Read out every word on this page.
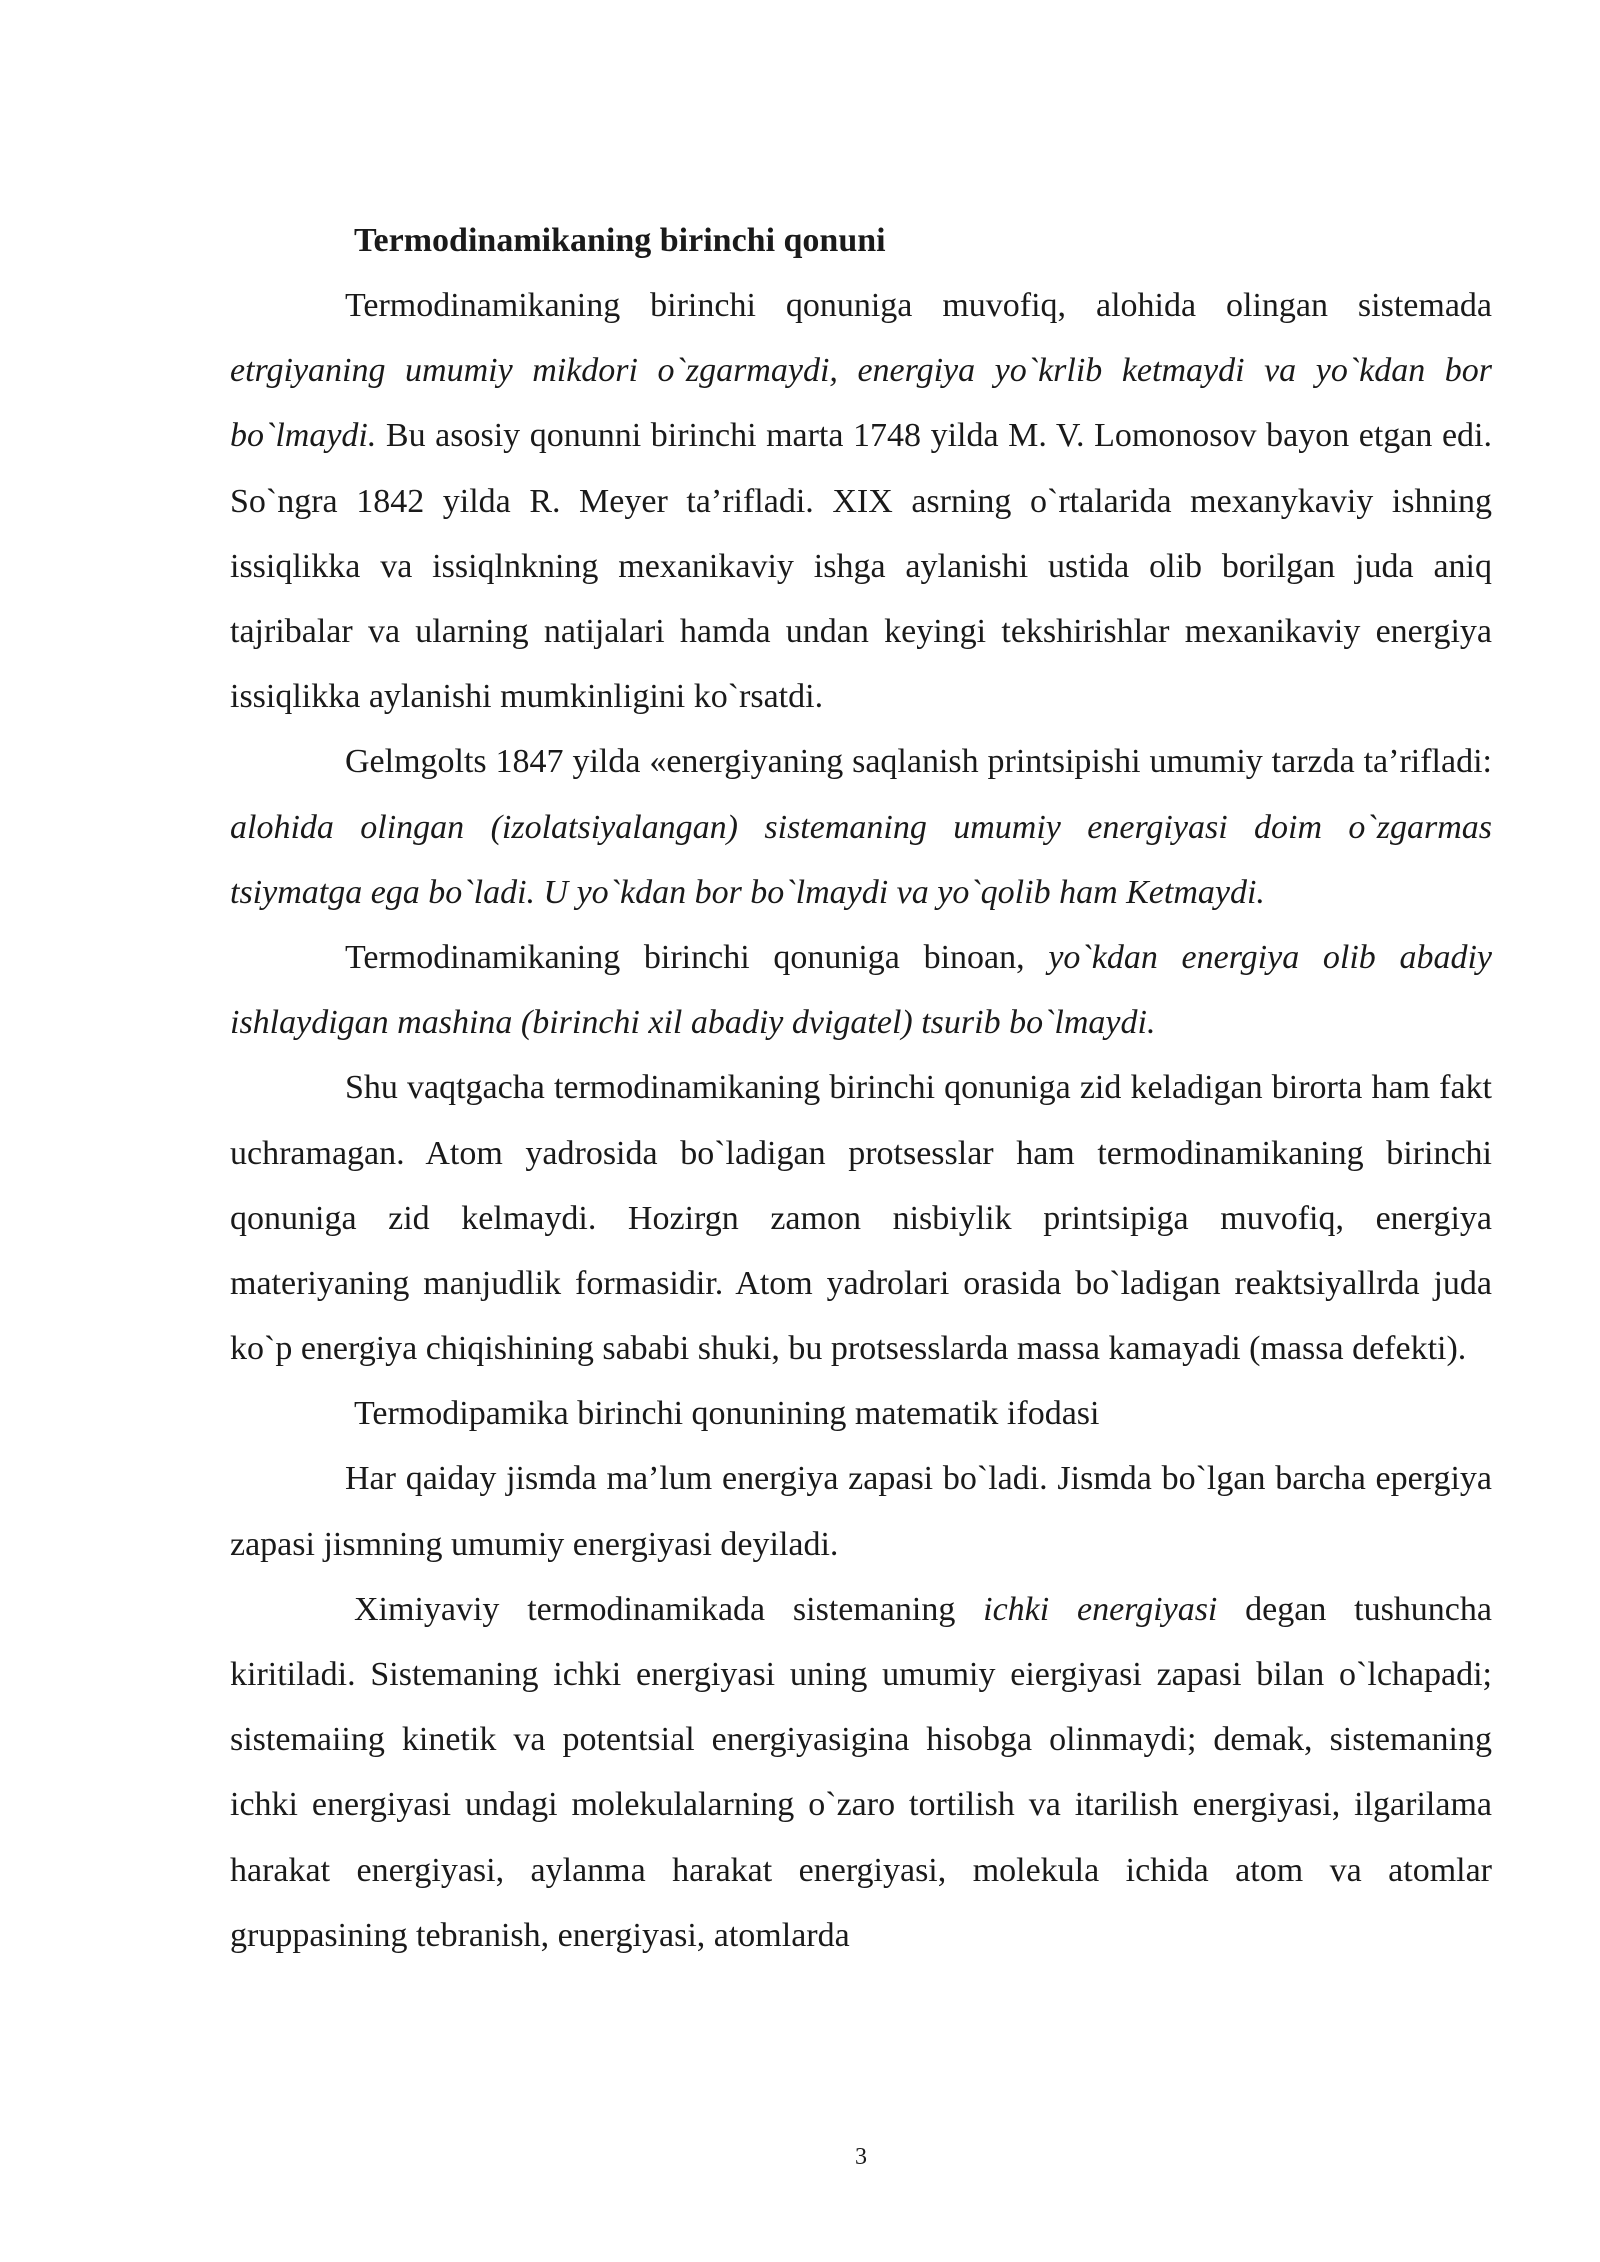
Termodinamikaning birinchi qonuni

Termodinamikaning birinchi qonuniga muvofiq, alohida olingan sistemada etrgiyaning umumiy mikdori o`zgarmaydi, energiya yo`krlib ketmaydi va yo`kdan bor bo`lmaydi. Bu asosiy qonunni birinchi marta 1748 yilda M. V. Lomonosov bayon etgan edi. So`ngra 1842 yilda R. Meyer ta’rifladi. XIX asrning o`rtalarida mexanykaviy ishning issiqlikka va issiqlnkning mexanikaviy ishga aylanishi ustida olib borilgan juda aniq tajribalar va ularning natijalari hamda undan keyingi tekshirishlar mexanikaviy energiya issiqlikka aylanishi mumkinligini ko`rsatdi.

Gelmgolts 1847 yilda «energiyaning saqlanish printsipishi umumiy tarzda ta’rifladi: alohida olingan (izolatsiyalangan) sistemaning umumiy energiyasi doim o`zgarmas tsiymatga ega bo`ladi. U yo`kdan bor bo`lmaydi va yo`qolib ham Ketmaydi.

Termodinamikaning birinchi qonuniga binoan, yo`kdan energiya olib abadiy ishlaydigan mashina (birinchi xil abadiy dvigatel) tsurib bo`lmaydi.

Shu vaqtgacha termodinamikaning birinchi qonuniga zid keladigan birorta ham fakt uchramagan. Atom yadrosida bo`ladigan protsesslar ham termodinamikaning birinchi qonuniga zid kelmaydi. Hozirgn zamon nisbiylik printsipiga muvofiq, energiya materiyaning manjudlik formasidir. Atom yadrolari orasida bo`ladigan reaktsiyallrda juda ko`p energiya chiqishining sababi shuki, bu protsesslarda massa kamayadi (massa defekti).

Termodipamika birinchi qonunining matematik ifodasi

Har qaiday jismda ma’lum energiya zapasi bo`ladi. Jismda bo`lgan barcha epergiya zapasi jismning umumiy energiyasi deyiladi.

Ximiyaviy termodinamikada sistemaning ichki energiyasi degan tushuncha kiritiladi. Sistemaning ichki energiyasi uning umumiy eiergiyasi zapasi bilan o`lchapadi; sistemaiing kinetik va potentsial energiyasigina hisobga olinmaydi; demak, sistemaning ichki energiyasi undagi molekulalarning o`zaro tortilish va itarilish energiyasi, ilgarilama harakat energiyasi, aylanma harakat energiyasi, molekula ichida atom va atomlar gruppasining tebranish, energiyasi, atomlarda

3
